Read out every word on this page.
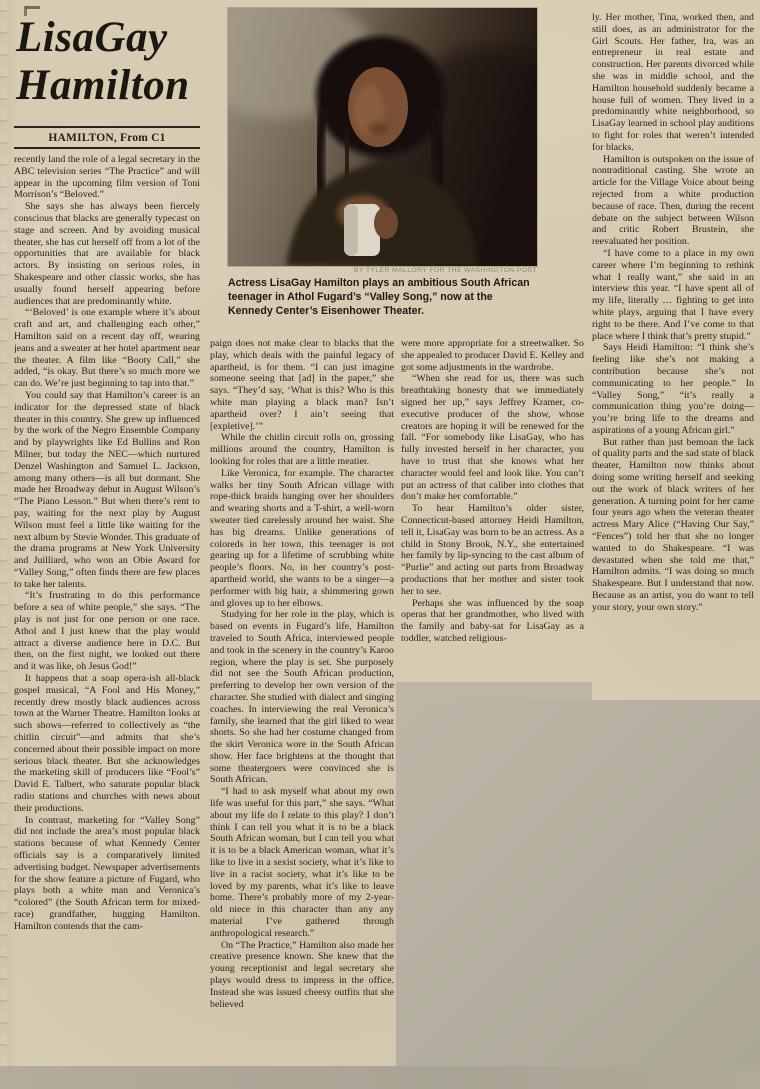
LisaGay
Hamilton
HAMILTON, From C1
BY TYLER MALLORY FOR THE WASHINGTON POST
Actress LisaGay Hamilton plays an ambitious South African teenager in Athol Fugard’s “Valley Song,” now at the Kennedy Center’s Eisenhower Theater.

recently land the role of a legal secretary in the ABC television series “The Practice” and will appear in the upcoming film version of Toni Morrison’s “Beloved.”

She says she has always been fiercely conscious that blacks are generally typecast on stage and screen. And by avoiding musical theater, she has cut herself off from a lot of the opportunities that are available for black actors. By insisting on serious roles, in Shakespeare and other classic works, she has usually found herself appearing before audiences that are predominantly white.

“‘Beloved’ is one example where it’s about craft and art, and challenging each other,” Hamilton said on a recent day off, wearing jeans and a sweater at her hotel apartment near the theater. A film like “Booty Call,” she added, “is okay. But there’s so much more we can do. We’re just beginning to tap into that.”

You could say that Hamilton’s career is an indicator for the depressed state of black theater in this country. She grew up influenced by the work of the Negro Ensemble Company and by playwrights like Ed Bullins and Ron Milner, but today the NEC—which nurtured Denzel Washington and Samuel L. Jackson, among many others—is all but dormant. She made her Broadway debut in August Wilson’s “The Piano Lesson.” But when there’s rent to pay, waiting for the next play by August Wilson must feel a little like waiting for the next album by Stevie Wonder. This graduate of the drama programs at New York University and Juilliard, who won an Obie Award for “Valley Song,” often finds there are few places to take her talents.

“It’s frustrating to do this performance before a sea of white people,” she says. “The play is not just for one person or one race. Athol and I just knew that the play would attract a diverse audience here in D.C. But then, on the first night, we looked out there and it was like, oh Jesus God!”

It happens that a soap opera-ish all-black gospel musical, “A Fool and His Money,” recently drew mostly black audiences across town at the Warner Theatre. Hamilton looks at such shows—referred to collectively as “the chitlin circuit”—and admits that she’s concerned about their possible impact on more serious black theater. But she acknowledges the marketing skill of producers like “Fool’s” David E. Talbert, who saturate popular black radio stations and churches with news about their productions.

In contrast, marketing for “Valley Song” did not include the area’s most popular black stations because of what Kennedy Center officials say is a comparatively limited advertising budget. Newspaper advertisements for the show feature a picture of Fugard, who plays both a white man and Veronica’s “colored” (the South African term for mixed-race) grandfather, hugging Hamilton. Hamilton contends that the cam-

paign does not make clear to blacks that the play, which deals with the painful legacy of apartheid, is for them. “I can just imagine someone seeing that [ad] in the paper,” she says. “They’d say, ‘What is this? Who is this white man playing a black man? Isn’t apartheid over? I ain’t seeing that [expletive].’”

While the chitlin circuit rolls on, grossing millions around the country, Hamilton is looking for roles that are a little meatier.

Like Veronica, for example. The character walks her tiny South African village with rope-thick braids hanging over her shoulders and wearing shorts and a T-shirt, a well-worn sweater tied carelessly around her waist. She has big dreams. Unlike generations of coloreds in her town, this teenager is not gearing up for a lifetime of scrubbing white people’s floors. No, in her country’s post-apartheid world, she wants to be a singer—a performer with big hair, a shimmering gown and gloves up to her elbows.

Studying for her role in the play, which is based on events in Fugard’s life, Hamilton traveled to South Africa, interviewed people and took in the scenery in the country’s Karoo region, where the play is set. She purposely did not see the South African production, preferring to develop her own version of the character. She studied with dialect and singing coaches. In interviewing the real Veronica’s family, she learned that the girl liked to wear shorts. So she had her costume changed from the skirt Veronica wore in the South African show. Her face brightens at the thought that some theatergoers were convinced she is South African.

“I had to ask myself what about my own life was useful for this part,” she says. “What about my life do I relate to this play? I don’t think I can tell you what it is to be a black South African woman, but I can tell you what it is to be a black American woman, what it’s like to live in a sexist society, what it’s like to live in a racist society, what it’s like to be loved by my parents, what it’s like to leave home. There’s probably more of my 2-year-old niece in this character than any any material I’ve gathered through anthropological research.”

On “The Practice,” Hamilton also made her creative presence known. She knew that the young receptionist and legal secretary she plays would dress to impress in the office. Instead she was issued cheesy outfits that she believed

were more appropriate for a streetwalker. So she appealed to producer David E. Kelley and got some adjustments in the wardrobe.

“When she read for us, there was such breathtaking honesty that we immediately signed her up,” says Jeffrey Kramer, co-executive producer of the show, whose creators are hoping it will be renewed for the fall. “For somebody like LisaGay, who has fully invested herself in her character, you have to trust that she knows what her character would feel and look like. You can’t put an actress of that caliber into clothes that don’t make her comfortable.”

To hear Hamilton’s older sister, Connecticut-based attorney Heidi Hamilton, tell it, LisaGay was born to be an actress. As a child in Stony Brook, N.Y., she entertained her family by lip-syncing to the cast album of “Purlie” and acting out parts from Broadway productions that her mother and sister took her to see.

Perhaps she was influenced by the soap operas that her grandmother, who lived with the family and baby-sat for LisaGay as a toddler, watched religious-

ly. Her mother, Tina, worked then, and still does, as an administrator for the Girl Scouts. Her father, Ira, was an entrepreneur in real estate and construction. Her parents divorced while she was in middle school, and the Hamilton household suddenly became a house full of women. They lived in a predominantly white neighborhood, so LisaGay learned in school play auditions to fight for roles that weren’t intended for blacks.

Hamilton is outspoken on the issue of nontraditional casting. She wrote an article for the Village Voice about being rejected from a white production because of race. Then, during the recent debate on the subject between Wilson and critic Robert Brustein, she reevaluated her position.

“I have come to a place in my own career where I’m beginning to rethink what I really want,” she said in an interview this year. “I have spent all of my life, literally … fighting to get into white plays, arguing that I have every right to be there. And I’ve come to that place where I think that’s pretty stupid.”

Says Heidi Hamilton: “I think she’s feeling like she’s not making a contribution because she’s not communicating to her people.” In “Valley Song,” “it’s really a communication thing you’re doing—you’re bring life to the dreams and aspirations of a young African girl.”

But rather than just bemoan the lack of quality parts and the sad state of black theater, Hamilton now thinks about doing some writing herself and seeking out the work of black writers of her generation. A turning point for her came four years ago when the veteran theater actress Mary Alice (“Having Our Say,” “Fences”) told her that she no longer wanted to do Shakespeare. “I was devastated when she told me that,” Hamilton admits. “I was doing so much Shakespeare. But I understand that now. Because as an artist, you do want to tell your story, your own story.”
